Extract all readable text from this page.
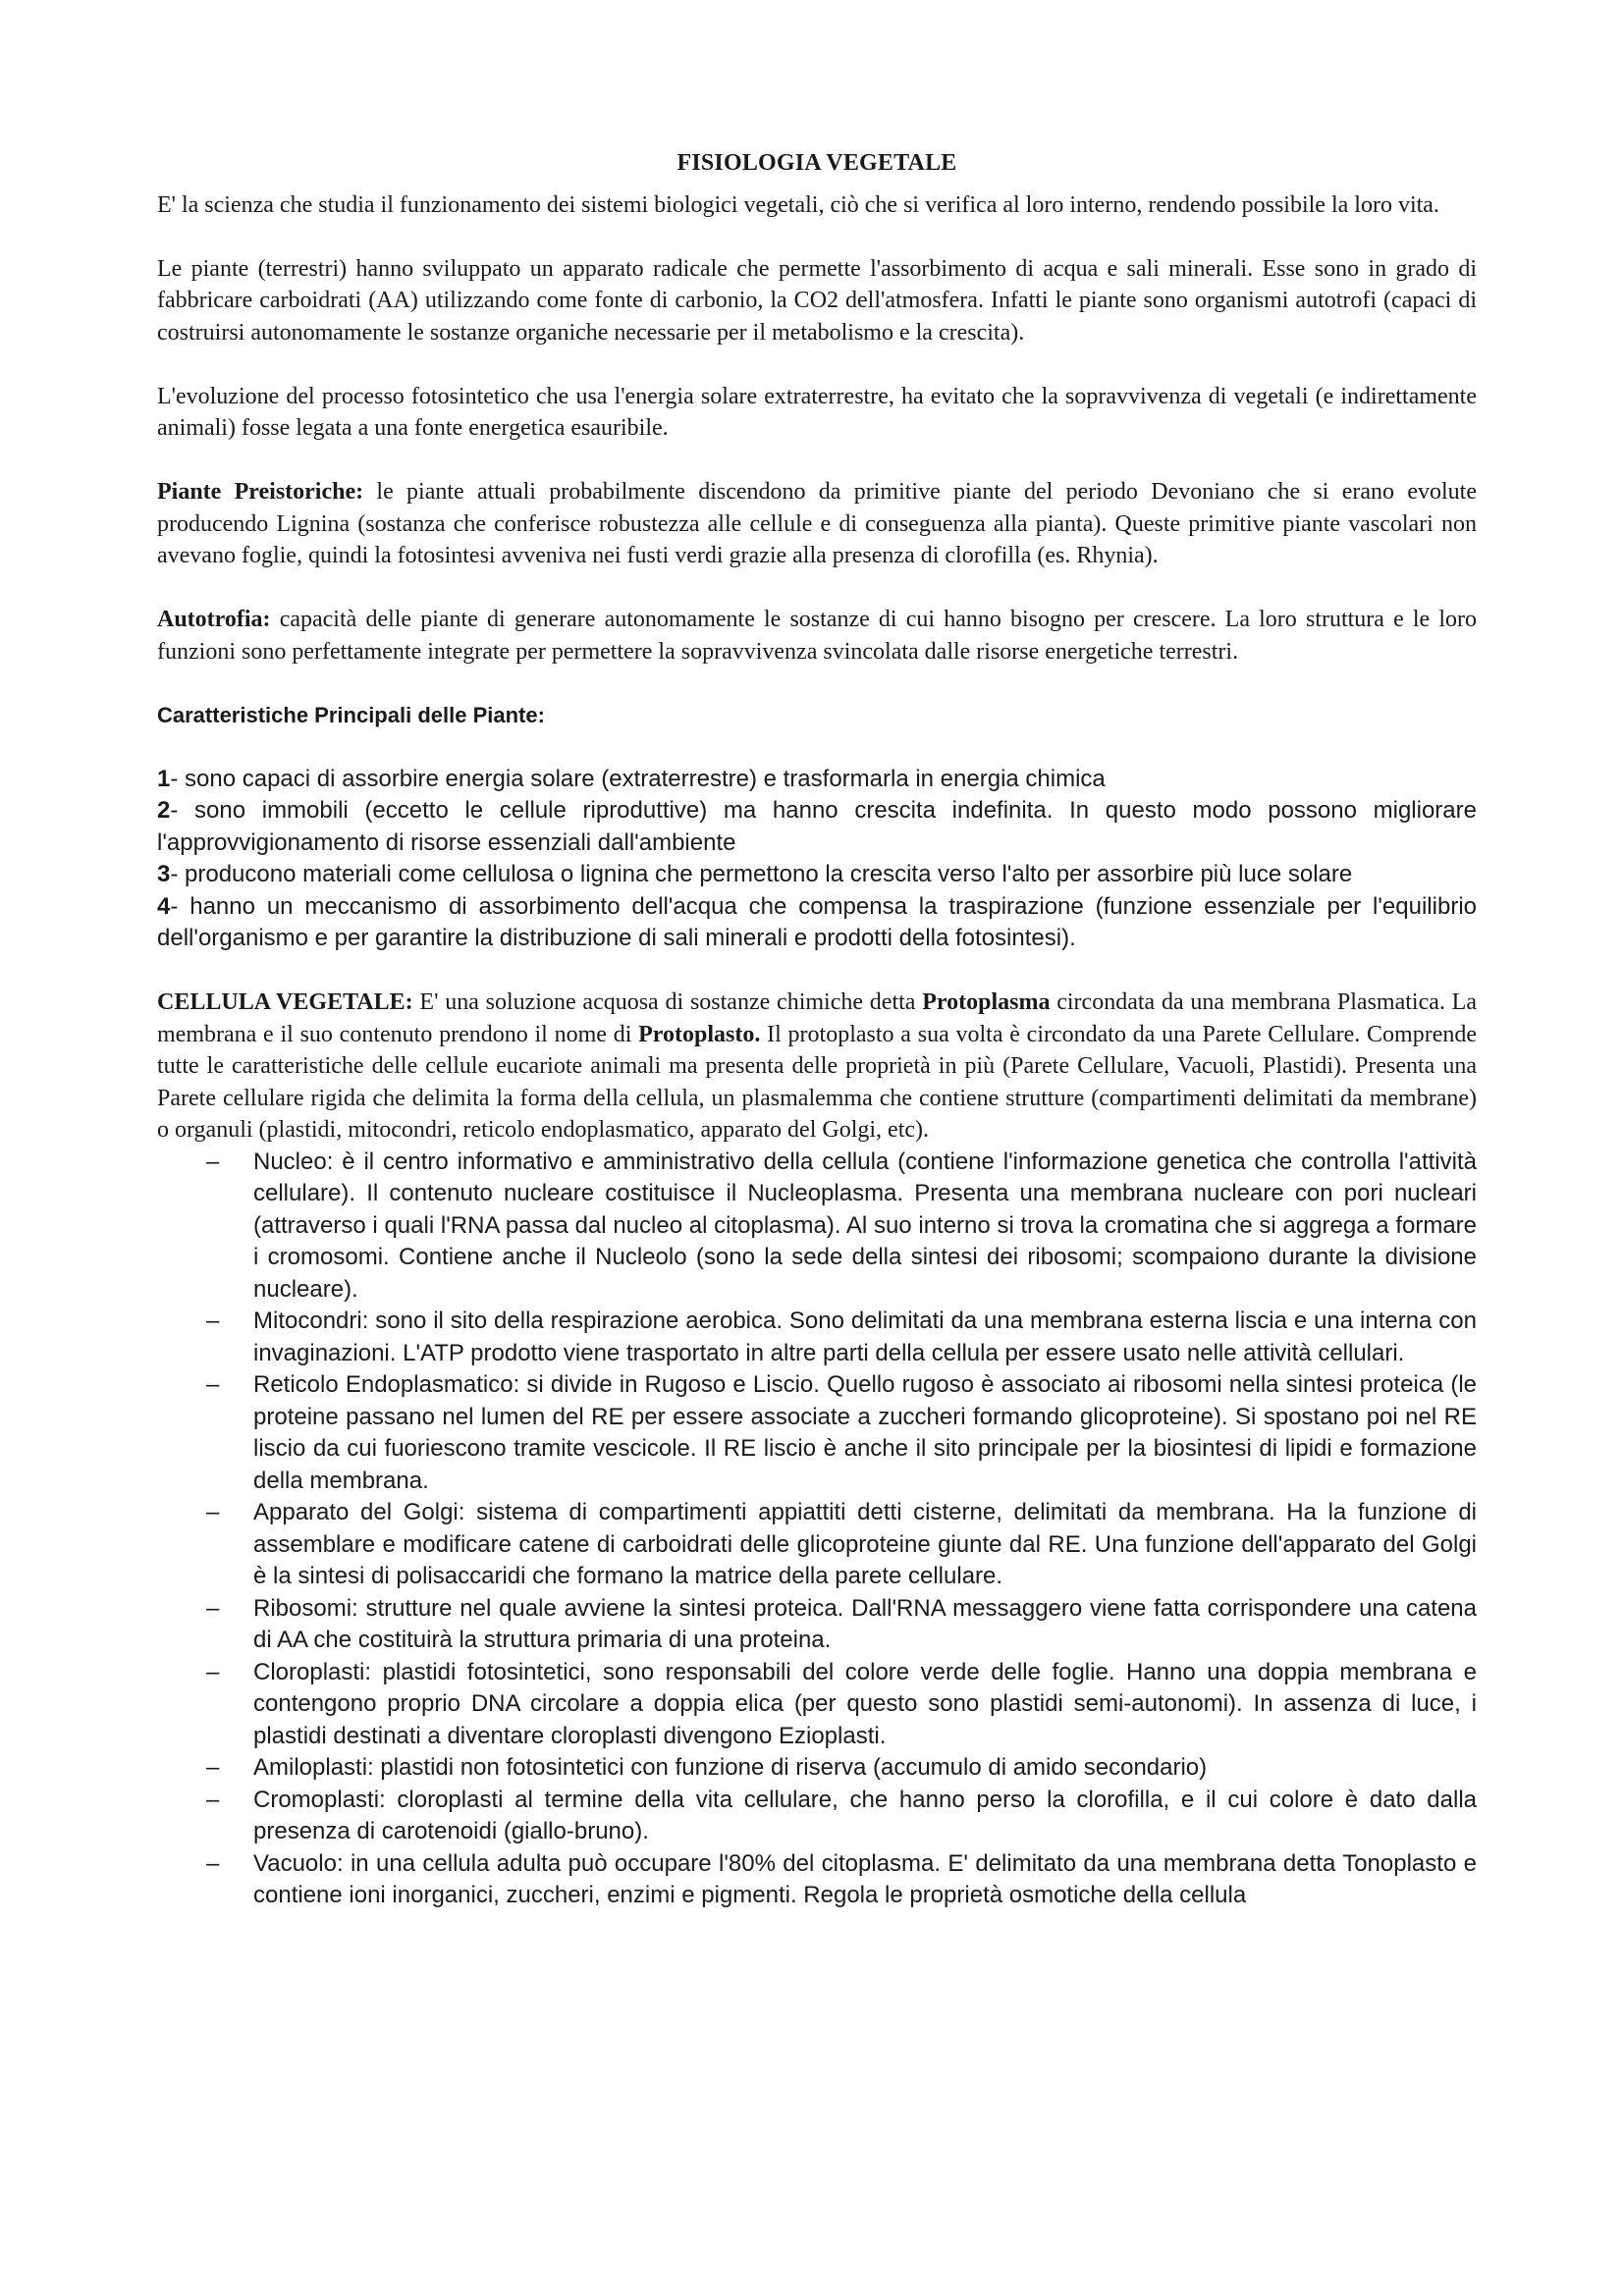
FISIOLOGIA VEGETALE

E' la scienza che studia il funzionamento dei sistemi biologici vegetali, ciò che si verifica al loro interno, rendendo possibile la loro vita.

Le piante (terrestri) hanno sviluppato un apparato radicale che permette l'assorbimento di acqua e sali minerali. Esse sono in grado di fabbricare carboidrati (AA) utilizzando come fonte di carbonio, la CO2 dell'atmosfera. Infatti le piante sono organismi autotrofi (capaci di costruirsi autonomamente le sostanze organiche necessarie per il metabolismo e la crescita).

L'evoluzione del processo fotosintetico che usa l'energia solare extraterrestre, ha evitato che la sopravvivenza di vegetali (e indirettamente animali) fosse legata a una fonte energetica esauribile.

Piante Preistoriche: le piante attuali probabilmente discendono da primitive piante del periodo Devoniano che si erano evolute producendo Lignina (sostanza che conferisce robustezza alle cellule e di conseguenza alla pianta). Queste primitive piante vascolari non avevano foglie, quindi la fotosintesi avveniva nei fusti verdi grazie alla presenza di clorofilla (es. Rhynia).

Autotrofia: capacità delle piante di generare autonomamente le sostanze di cui hanno bisogno per crescere. La loro struttura e le loro funzioni sono perfettamente integrate per permettere la sopravvivenza svincolata dalle risorse energetiche terrestri.

Caratteristiche Principali delle Piante:

1- sono capaci di assorbire energia solare (extraterrestre) e trasformarla in energia chimica

2- sono immobili (eccetto le cellule riproduttive) ma hanno crescita indefinita. In questo modo possono migliorare l'approvvigionamento di risorse essenziali dall'ambiente

3- producono materiali come cellulosa o lignina che permettono la crescita verso l'alto per assorbire più luce solare

4- hanno un meccanismo di assorbimento dell'acqua che compensa la traspirazione (funzione essenziale per l'equilibrio dell'organismo e per garantire la distribuzione di sali minerali e prodotti della fotosintesi).

CELLULA VEGETALE: E' una soluzione acquosa di sostanze chimiche detta Protoplasma circondata da una membrana Plasmatica. La membrana e il suo contenuto prendono il nome di Protoplasto. Il protoplasto a sua volta è circondato da una Parete Cellulare. Comprende tutte le caratteristiche delle cellule eucariote animali ma presenta delle proprietà in più (Parete Cellulare, Vacuoli, Plastidi). Presenta una Parete cellulare rigida che delimita la forma della cellula, un plasmalemma che contiene strutture (compartimenti delimitati da membrane) o organuli (plastidi, mitocondri, reticolo endoplasmatico, apparato del Golgi, etc).

– Nucleo: è il centro informativo e amministrativo della cellula (contiene l'informazione genetica che controlla l'attività cellulare). Il contenuto nucleare costituisce il Nucleoplasma. Presenta una membrana nucleare con pori nucleari (attraverso i quali l'RNA passa dal nucleo al citoplasma). Al suo interno si trova la cromatina che si aggrega a formare i cromosomi. Contiene anche il Nucleolo (sono la sede della sintesi dei ribosomi; scompaiono durante la divisione nucleare).
– Mitocondri: sono il sito della respirazione aerobica. Sono delimitati da una membrana esterna liscia e una interna con invaginazioni. L'ATP prodotto viene trasportato in altre parti della cellula per essere usato nelle attività cellulari.
– Reticolo Endoplasmatico: si divide in Rugoso e Liscio. Quello rugoso è associato ai ribosomi nella sintesi proteica (le proteine passano nel lumen del RE per essere associate a zuccheri formando glicoproteine). Si spostano poi nel RE liscio da cui fuoriescono tramite vescicole. Il RE liscio è anche il sito principale per la biosintesi di lipidi e formazione della membrana.
– Apparato del Golgi: sistema di compartimenti appiattiti detti cisterne, delimitati da membrana. Ha la funzione di assemblare e modificare catene di carboidrati delle glicoproteine giunte dal RE. Una funzione dell'apparato del Golgi è la sintesi di polisaccaridi che formano la matrice della parete cellulare.
– Ribosomi: strutture nel quale avviene la sintesi proteica. Dall'RNA messaggero viene fatta corrispondere una catena di AA che costituirà la struttura primaria di una proteina.
– Cloroplasti: plastidi fotosintetici, sono responsabili del colore verde delle foglie. Hanno una doppia membrana e contengono proprio DNA circolare a doppia elica (per questo sono plastidi semi-autonomi). In assenza di luce, i plastidi destinati a diventare cloroplasti divengono Ezioplasti.
– Amiloplasti: plastidi non fotosintetici con funzione di riserva (accumulo di amido secondario)
– Cromoplasti: cloroplasti al termine della vita cellulare, che hanno perso la clorofilla, e il cui colore è dato dalla presenza di carotenoidi (giallo-bruno).
– Vacuolo: in una cellula adulta può occupare l'80% del citoplasma. E' delimitato da una membrana detta Tonoplasto e contiene ioni inorganici, zuccheri, enzimi e pigmenti. Regola le proprietà osmotiche della cellula
